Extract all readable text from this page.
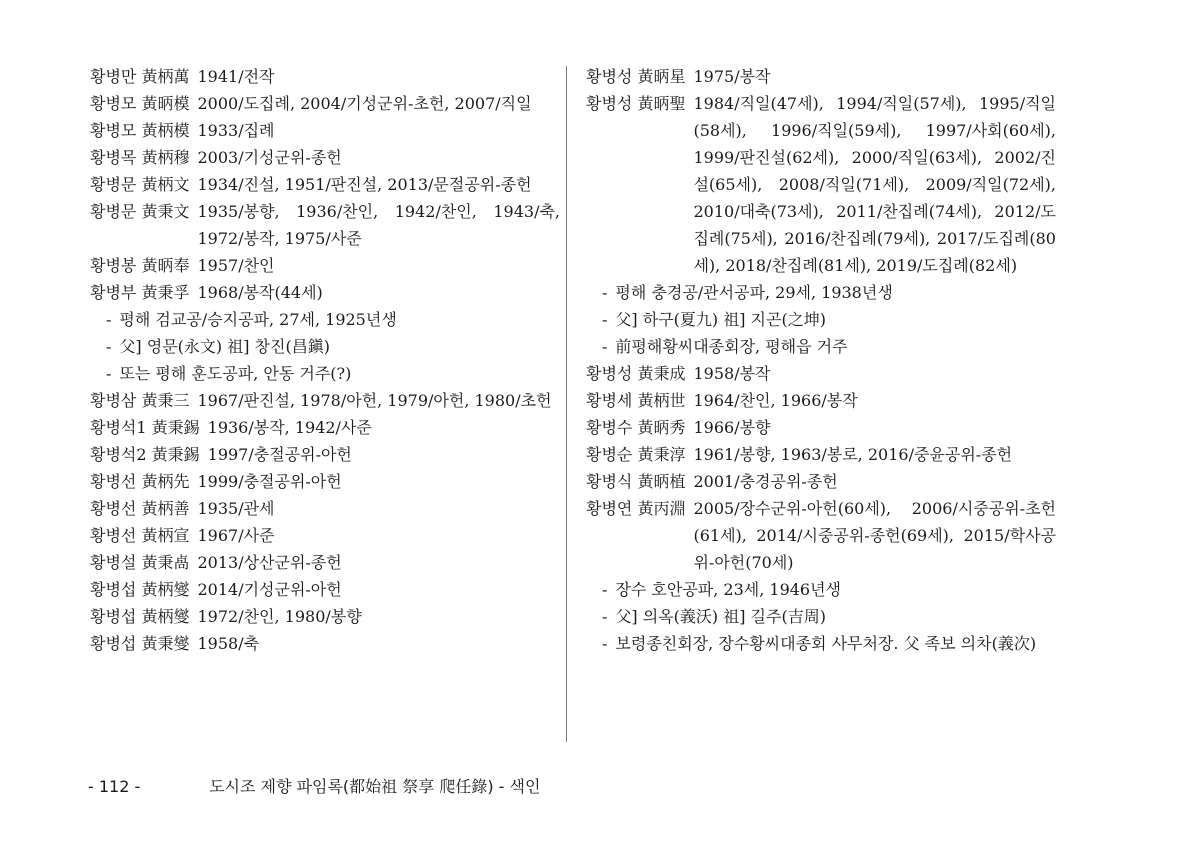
황병만 黃柄萬 1941/전작
황병모 黃昞模 2000/도집례, 2004/기성군위-초헌, 2007/직일
황병모 黃柄模 1933/집례
황병목 黃柄穆 2003/기성군위-종헌
황병문 黃柄文 1934/진설, 1951/판진설, 2013/문절공위-종헌
황병문 黃秉文 1935/봉향, 1936/찬인, 1942/찬인, 1943/축, 1972/봉작, 1975/사준
황병봉 黃昞奉 1957/찬인
황병부 黃秉孚 1968/봉작(44세)
- 평해 검교공/승지공파, 27세, 1925년생
- 父] 영문(永文) 祖] 창진(昌鎭)
- 또는 평해 훈도공파, 안동 거주(?)
황병삼 黃秉三 1967/판진설, 1978/아헌, 1979/아헌, 1980/초헌
황병석1 黃秉錫 1936/봉작, 1942/사준
황병석2 黃秉錫 1997/충절공위-아헌
황병선 黃柄先 1999/충절공위-아헌
황병선 黃柄善 1935/관세
황병선 黃柄宣 1967/사준
황병설 黃秉卨 2013/상산군위-종헌
황병섭 黃柄燮 2014/기성군위-아헌
황병섭 黃柄燮 1972/찬인, 1980/봉향
황병섭 黃秉燮 1958/축
황병성 黃昞星 1975/봉작
황병성 黃昞聖 1984/직일(47세), 1994/직일(57세), 1995/직일(58세), 1996/직일(59세), 1997/사회(60세), 1999/판진설(62세), 2000/직일(63세), 2002/진설(65세), 2008/직일(71세), 2009/직일(72세), 2010/대축(73세), 2011/찬집례(74세), 2012/도집례(75세), 2016/찬집례(79세), 2017/도집례(80세), 2018/찬집례(81세), 2019/도집례(82세)
- 평해 충경공/관서공파, 29세, 1938년생
- 父] 하구(夏九) 祖] 지곤(之坤)
- 前평해황씨대종회장, 평해읍 거주
황병성 黃秉成 1958/봉작
황병세 黃柄世 1964/찬인, 1966/봉작
황병수 黃昞秀 1966/봉향
황병순 黃秉淳 1961/봉향, 1963/봉로, 2016/중윤공위-종헌
황병식 黃昞植 2001/충경공위-종헌
황병연 黃丙淵 2005/장수군위-아헌(60세), 2006/시중공위-초헌(61세), 2014/시중공위-종헌(69세), 2015/학사공위-아헌(70세)
- 장수 호안공파, 23세, 1946년생
- 父] 의옥(義沃) 祖] 길주(吉周)
- 보령종친회장, 장수황씨대종회 사무처장. 父 족보 의차(義次)
- 112 -	도시조 제향 파임록(都始祖 祭享 爬任錄) - 색인
